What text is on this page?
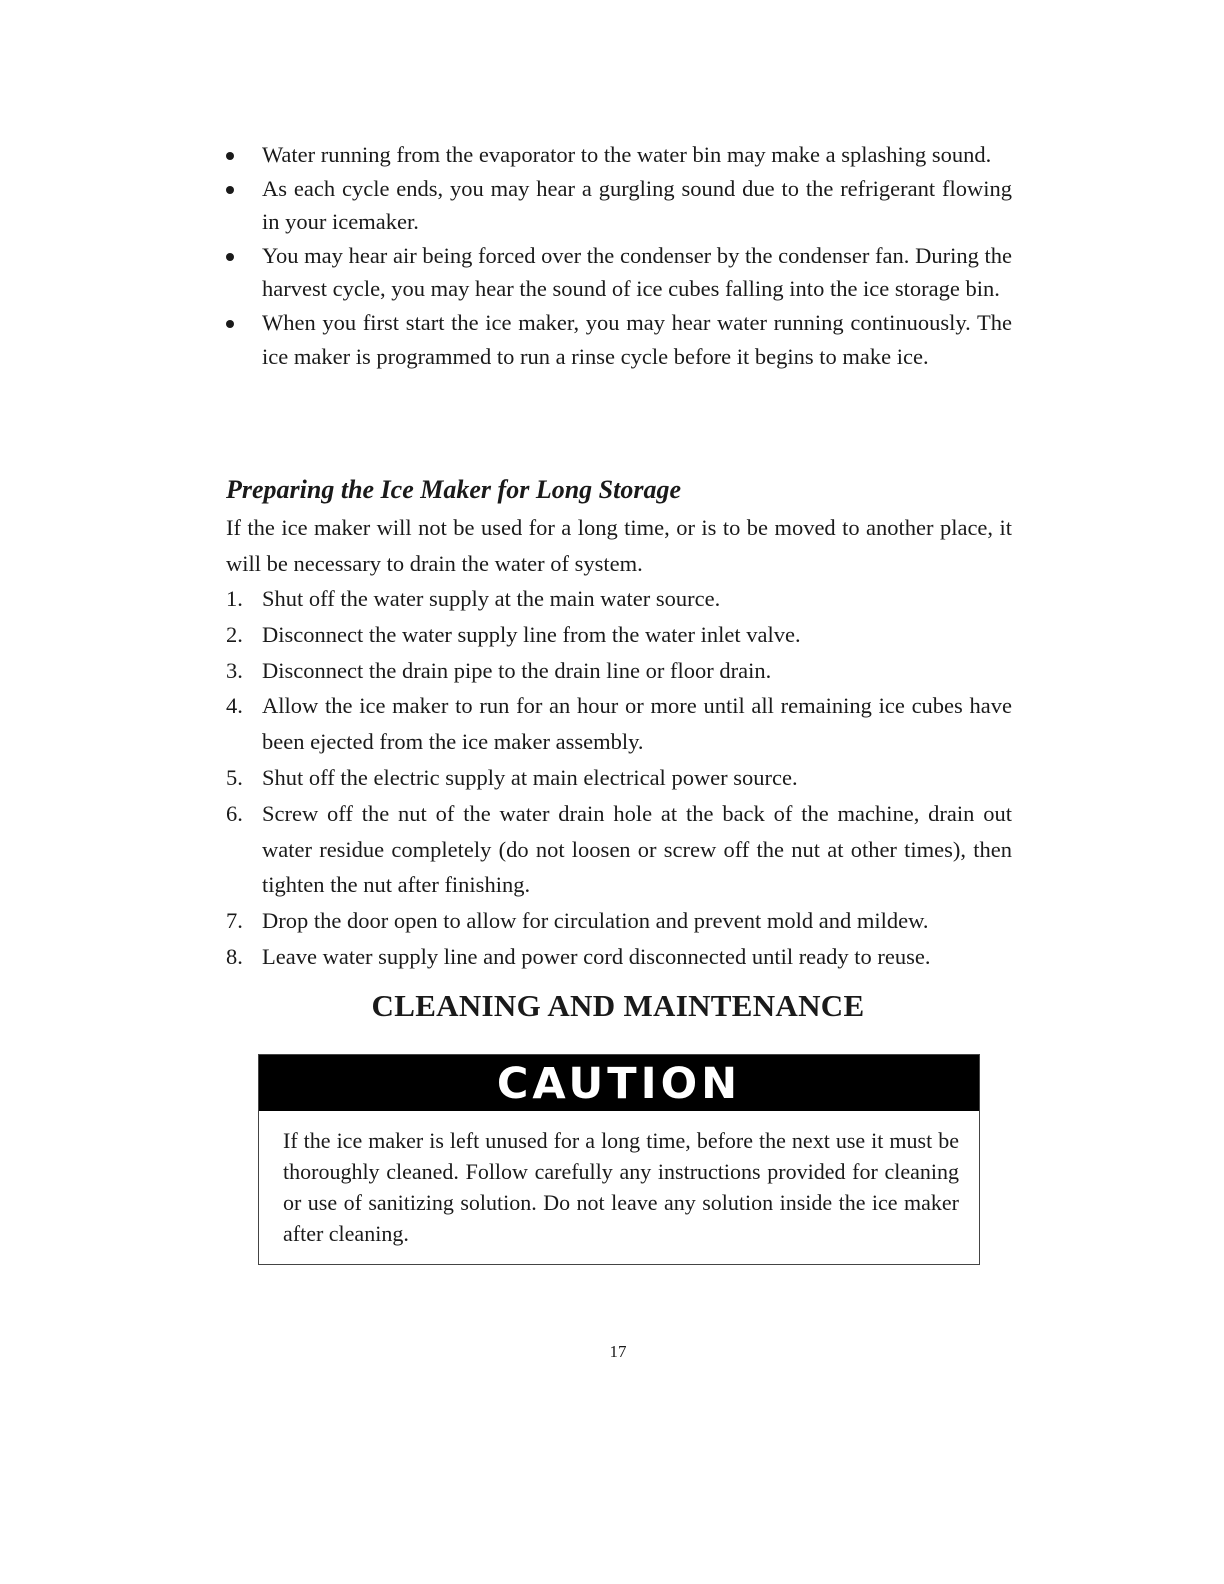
Water running from the evaporator to the water bin may make a splashing sound.
As each cycle ends, you may hear a gurgling sound due to the refrigerant flowing in your icemaker.
You may hear air being forced over the condenser by the condenser fan. During the harvest cycle, you may hear the sound of ice cubes falling into the ice storage bin.
When you first start the ice maker, you may hear water running continuously. The ice maker is programmed to run a rinse cycle before it begins to make ice.
Preparing the Ice Maker for Long Storage

If the ice maker will not be used for a long time, or is to be moved to another place, it will be necessary to drain the water of system.

1. Shut off the water supply at the main water source.
2. Disconnect the water supply line from the water inlet valve.
3. Disconnect the drain pipe to the drain line or floor drain.
4. Allow the ice maker to run for an hour or more until all remaining ice cubes have been ejected from the ice maker assembly.
5. Shut off the electric supply at main electrical power source.
6. Screw off the nut of the water drain hole at the back of the machine, drain out water residue completely (do not loosen or screw off the nut at other times), then tighten the nut after finishing.
7. Drop the door open to allow for circulation and prevent mold and mildew.
8. Leave water supply line and power cord disconnected until ready to reuse.
CLEANING AND MAINTENANCE
CAUTION

If the ice maker is left unused for a long time, before the next use it must be thoroughly cleaned. Follow carefully any instructions provided for cleaning or use of sanitizing solution. Do not leave any solution inside the ice maker after cleaning.

17
